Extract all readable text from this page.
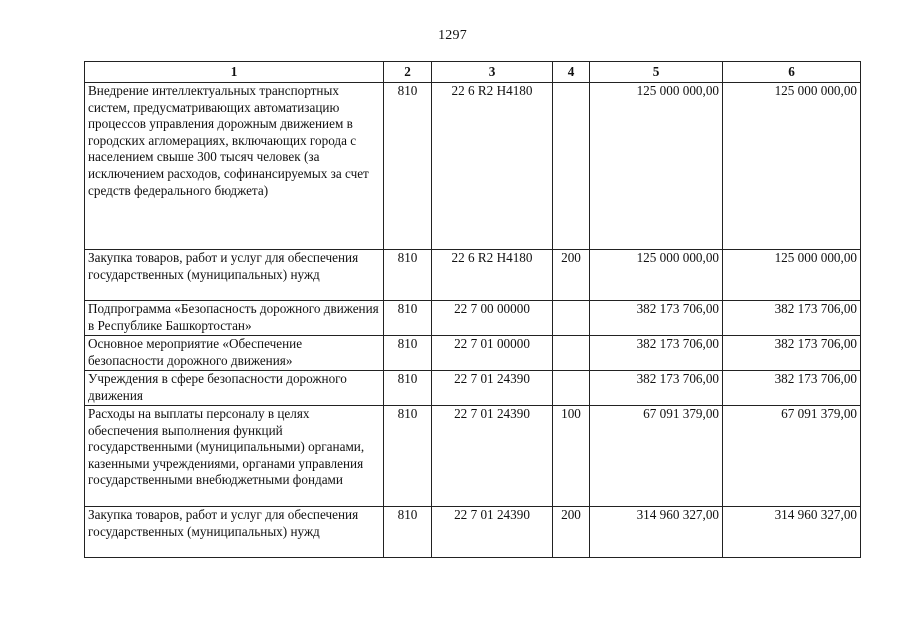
1297
1	2	3	4	5	6
Внедрение интеллектуальных транспортных систем, предусматривающих автоматизацию процессов управления дорожным движением в городских агломерациях, включающих города с населением свыше 300 тысяч человек (за исключением расходов, софинансируемых за счет средств федерального бюджета)	810	22 6 R2 H4180		125 000 000,00	125 000 000,00
Закупка товаров, работ и услуг для обеспечения государственных (муниципальных) нужд	810	22 6 R2 H4180	200	125 000 000,00	125 000 000,00
Подпрограмма «Безопасность дорожного движения в Республике Башкортостан»	810	22 7 00 00000		382 173 706,00	382 173 706,00
Основное мероприятие «Обеспечение безопасности дорожного движения»	810	22 7 01 00000		382 173 706,00	382 173 706,00
Учреждения в сфере безопасности дорожного движения	810	22 7 01 24390		382 173 706,00	382 173 706,00
Расходы на выплаты персоналу в целях обеспечения выполнения функций государственными (муниципальными) органами, казенными учреждениями, органами управления государственными внебюджетными фондами	810	22 7 01 24390	100	67 091 379,00	67 091 379,00
Закупка товаров, работ и услуг для обеспечения государственных (муниципальных) нужд	810	22 7 01 24390	200	314 960 327,00	314 960 327,00
